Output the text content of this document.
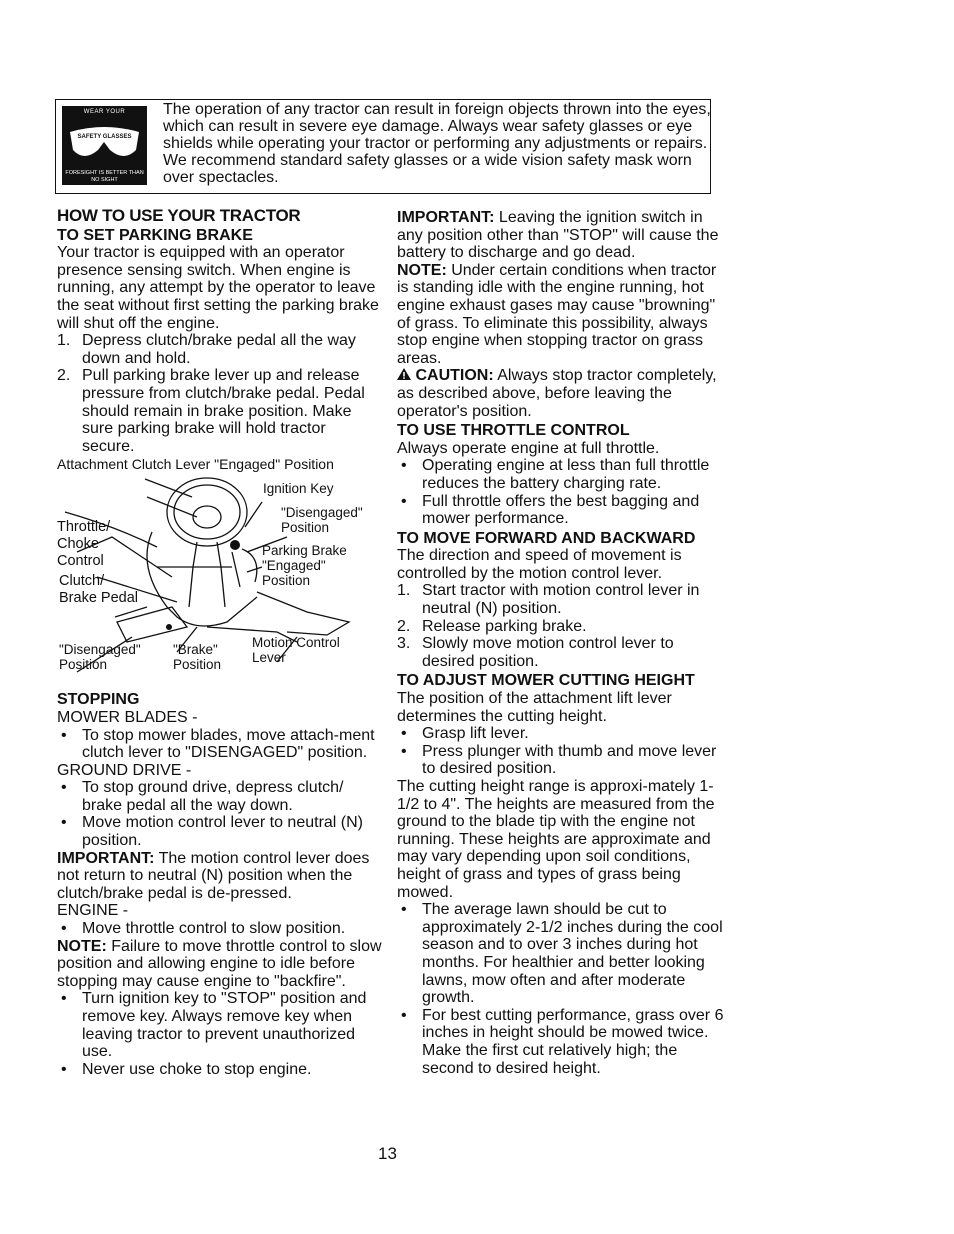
WEAR YOUR
SAFETY GLASSES
FORESIGHT IS BETTER THAN NO SIGHT
The operation of any tractor can result in foreign objects thrown into the eyes, which can result in severe eye damage. Always wear safety glasses or eye shields while operating your tractor or performing any adjustments or repairs. We recommend standard safety glasses or a wide vision safety mask worn over spectacles.
HOW TO USE YOUR TRACTOR
TO SET PARKING BRAKE

Your tractor is equipped with an operator presence sensing switch. When engine is running, any attempt by the operator to leave the seat without first setting the parking brake will shut off the engine.

1. Depress clutch/brake pedal all the way down and hold.
2. Pull parking brake lever up and release pressure from clutch/brake pedal. Pedal should remain in brake position. Make sure parking brake will hold tractor secure.
Attachment Clutch Lever "Engaged" Position
Ignition Key
"Disengaged"
Position
Throttle/
Choke
Control
Parking Brake
"Engaged"
Position
Clutch/
Brake Pedal
"Disengaged"
Position
"Brake"
Position
Motion Control
Lever
STOPPING
MOWER BLADES -
• To stop mower blades, move attach-ment clutch lever to "DISENGAGED" position.
GROUND DRIVE -
• To stop ground drive, depress clutch/ brake pedal all the way down.
• Move motion control lever to neutral (N) position.

IMPORTANT: The motion control lever does not return to neutral (N) position when the clutch/brake pedal is de-pressed.

ENGINE -
• Move throttle control to slow position.

NOTE: Failure to move throttle control to slow position and allowing engine to idle before stopping may cause engine to "backfire".

• Turn ignition key to "STOP" position and remove key. Always remove key when leaving tractor to prevent unauthorized use.
• Never use choke to stop engine.

IMPORTANT: Leaving the ignition switch in any position other than "STOP" will cause the battery to discharge and go dead.

NOTE: Under certain conditions when tractor is standing idle with the engine running, hot engine exhaust gases may cause "browning" of grass. To eliminate this possibility, always stop engine when stopping tractor on grass areas.

CAUTION: Always stop tractor completely, as described above, before leaving the operator's position.

TO USE THROTTLE CONTROL

Always operate engine at full throttle.

• Operating engine at less than full throttle reduces the battery charging rate.
• Full throttle offers the best bagging and mower performance.
TO MOVE FORWARD AND BACKWARD

The direction and speed of movement is controlled by the motion control lever.

1. Start tractor with motion control lever in neutral (N) position.
2. Release parking brake.
3. Slowly move motion control lever to desired position.
TO ADJUST MOWER CUTTING HEIGHT

The position of the attachment lift lever determines the cutting height.

• Grasp lift lever.
• Press plunger with thumb and move lever to desired position.

The cutting height range is approxi-mately 1-1/2 to 4". The heights are measured from the ground to the blade tip with the engine not running. These heights are approximate and may vary depending upon soil conditions, height of grass and types of grass being mowed.

• The average lawn should be cut to approximately 2-1/2 inches during the cool season and to over 3 inches during hot months. For healthier and better looking lawns, mow often and after moderate growth.
• For best cutting performance, grass over 6 inches in height should be mowed twice. Make the first cut relatively high; the second to desired height.
13
